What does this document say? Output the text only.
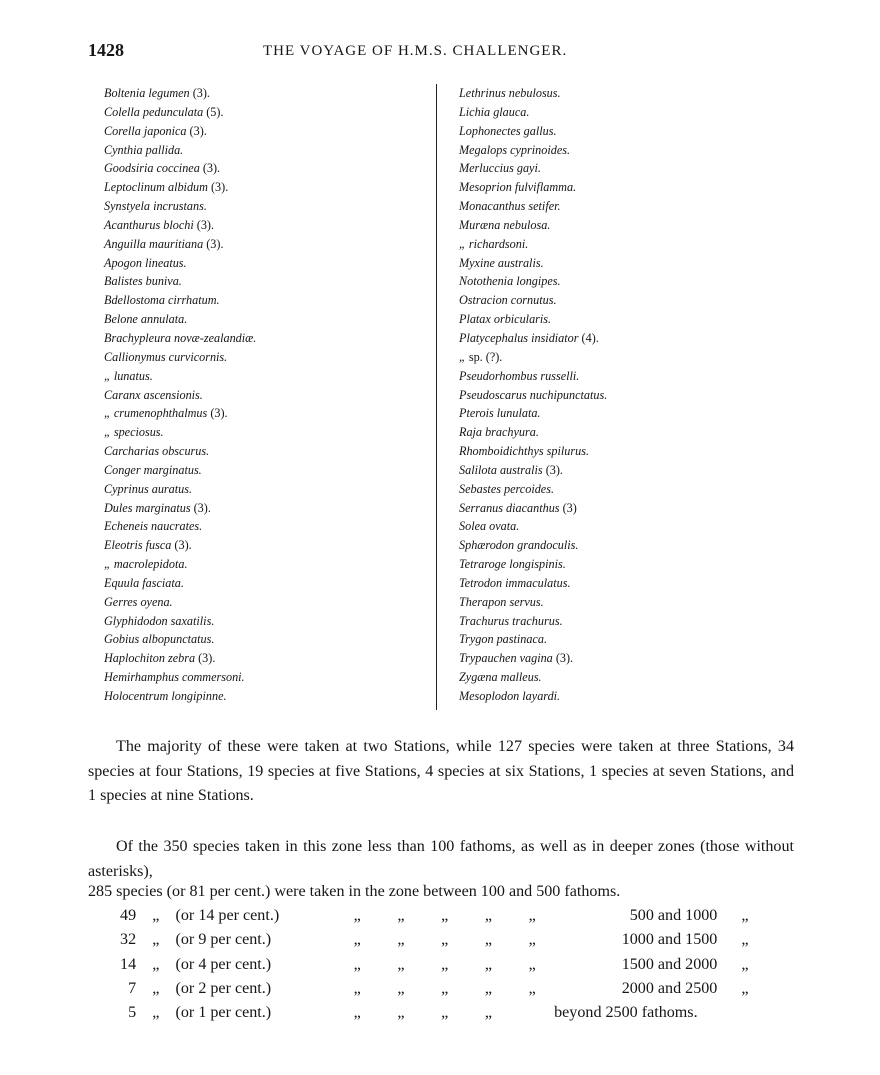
1428	THE VOYAGE OF H.M.S. CHALLENGER.
Boltenia legumen (3).
Colella pedunculata (5).
Corella japonica (3).
Cynthia pallida.
Goodsiria coccinea (3).
Leptoclinum albidum (3).
Synstyela incrustans.
Acanthurus blochi (3).
Anguilla mauritiana (3).
Apogon lineatus.
Balistes buniva.
Bdellostoma cirrhatum.
Belone annulata.
Brachypleura novæ-zealandiæ.
Callionymus curvicornis.
„ lunatus.
Caranx ascensionis.
„ crumenophthalmus (3).
„ speciosus.
Carcharias obscurus.
Conger marginatus.
Cyprinus auratus.
Dules marginatus (3).
Echeneis naucrates.
Eleotris fusca (3).
„ macrolepidota.
Equula fasciata.
Gerres oyena.
Glyphidodon saxatilis.
Gobius albopunctatus.
Haplochiton zebra (3).
Hemirhamphus commersoni.
Holocentrum longipinne.
Lethrinus nebulosus.
Lichia glauca.
Lophonectes gallus.
Megalops cyprinoides.
Merluccius gayi.
Mesoprion fulviflamma.
Monacanthus setifer.
Muræna nebulosa.
„ richardsoni.
Myxine australis.
Notothenia longipes.
Ostracion cornutus.
Platax orbicularis.
Platycephalus insidiator (4).
„ sp. (?).
Pseudorhombus russelli.
Pseudoscarus nuchipunctatus.
Pterois lunulata.
Raja brachyura.
Rhomboidichthys spilurus.
Salilota australis (3).
Sebastes percoides.
Serranus diacanthus (3)
Solea ovata.
Sphærodon grandoculis.
Tetraroge longispinis.
Tetrodon immaculatus.
Therapon servus.
Trachurus trachurus.
Trygon pastinaca.
Trypauchen vagina (3).
Zygæna malleus.
Mesoplodon layardi.
The majority of these were taken at two Stations, while 127 species were taken at three Stations, 34 species at four Stations, 19 species at five Stations, 4 species at six Stations, 1 species at seven Stations, and 1 species at nine Stations.
Of the 350 species taken in this zone less than 100 fathoms, as well as in deeper zones (those without asterisks),
285 species (or 81 per cent.) were taken in the zone between 100 and 500 fathoms.									
49	„	(or 14 per cent.)	„	„	„	„	„	500 and 1000	„
32	„	(or 9 per cent.)	„	„	„	„	„	1000 and 1500	„
14	„	(or 4 per cent.)	„	„	„	„	„	1500 and 2000	„
7	„	(or 2 per cent.)	„	„	„	„	„	2000 and 2500	„
5	„	(or 1 per cent.)	„	„	„	„		beyond 2500 fathoms.	
